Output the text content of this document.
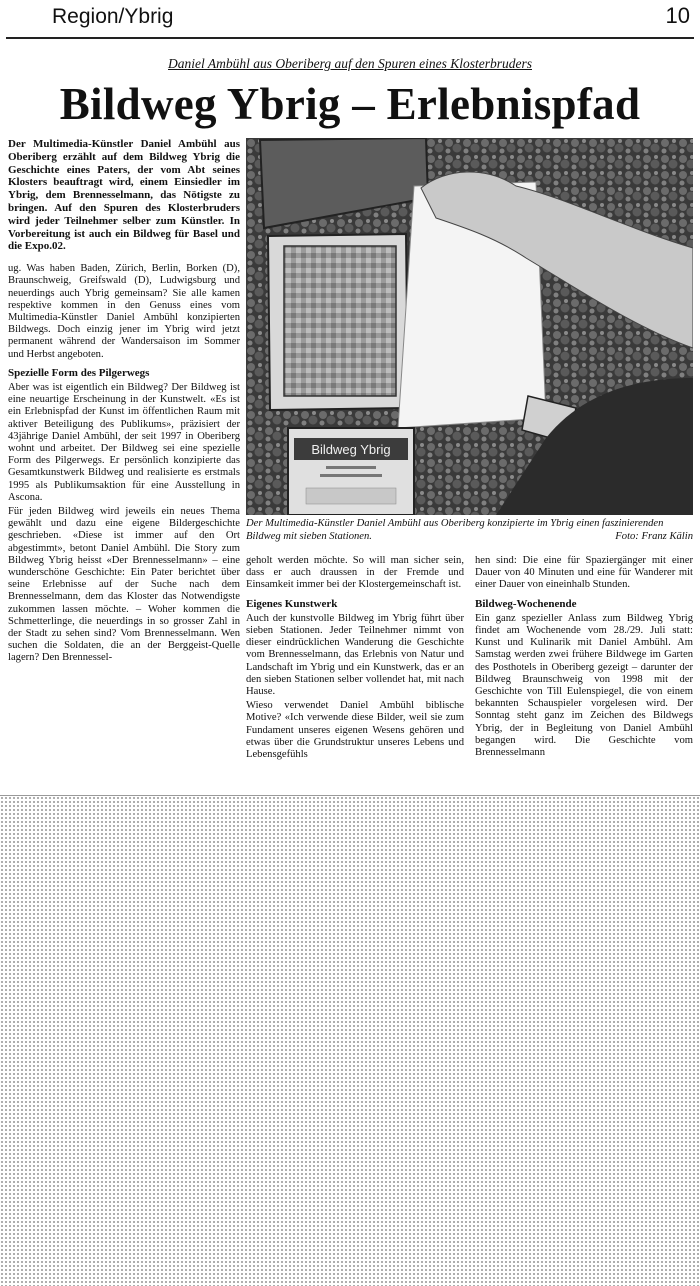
Region/Ybrig	10
Daniel Ambühl aus Oberiberg auf den Spuren eines Klosterbruders
Bildweg Ybrig – Erlebnispfad

Der Multimedia-Künstler Daniel Ambühl aus Oberiberg erzählt auf dem Bildweg Ybrig die Geschichte eines Paters, der vom Abt seines Klosters beauftragt wird, einem Einsiedler im Ybrig, dem Brennesselmann, das Nötigste zu bringen. Auf den Spuren des Klosterbruders wird jeder Teilnehmer selber zum Künstler. In Vorbereitung ist auch ein Bildweg für Basel und die Expo.02.

ug. Was haben Baden, Zürich, Berlin, Borken (D), Braunschweig, Greifswald (D), Ludwigsburg und neuerdings auch Ybrig gemeinsam? Sie alle kamen respektive kommen in den Genuss eines vom Multimedia-Künstler Daniel Ambühl konzipierten Bildwegs. Doch einzig jener im Ybrig wird jetzt permanent während der Wandersaison im Sommer und Herbst angeboten.

Spezielle Form des Pilgerwegs

Aber was ist eigentlich ein Bildweg? Der Bildweg ist eine neuartige Erscheinung in der Kunstwelt. «Es ist ein Erlebnispfad der Kunst im öffentlichen Raum mit aktiver Beteiligung des Publikums», präzisiert der 43jährige Daniel Ambühl, der seit 1997 in Oberiberg wohnt und arbeitet. Der Bildweg sei eine spezielle Form des Pilgerwegs. Er persönlich konzipierte das Gesamtkunstwerk Bildweg und realisierte es erstmals 1995 als Publikumsaktion für eine Ausstellung in Ascona.

Für jeden Bildweg wird jeweils ein neues Thema gewählt und dazu eine eigene Bildergeschichte geschrieben. «Diese ist immer auf den Ort abgestimmt», betont Daniel Ambühl. Die Story zum Bildweg Ybrig heisst «Der Brennesselmann» – eine wunderschöne Geschichte: Ein Pater berichtet über seine Erlebnisse auf der Suche nach dem Brennesselmann, dem das Kloster das Notwendigste zukommen lassen möchte. – Woher kommen die Schmetterlinge, die neuerdings in so grosser Zahl in der Stadt zu sehen sind? Vom Brennesselmann. Wen suchen die Soldaten, die an der Berggeist-Quelle lagern? Den Brennessel-

Bildweg Ybrig
Der Multimedia-Künstler Daniel Ambühl aus Oberiberg konzipierte im Ybrig einen faszinierenden Bildweg mit sieben Stationen.	Foto: Franz Kälin

geholt werden möchte. So will man sicher sein, dass er auch draussen in der Fremde und Einsamkeit immer bei der Klostergemeinschaft ist.

Eigenes Kunstwerk

Auch der kunstvolle Bildweg im Ybrig führt über sieben Stationen. Jeder Teilnehmer nimmt von dieser eindrücklichen Wanderung die Geschichte vom Brennesselmann, das Erlebnis von Natur und Landschaft im Ybrig und ein Kunstwerk, das er an den sieben Stationen selber vollendet hat, mit nach Hause.

Wieso verwendet Daniel Ambühl biblische Motive? «Ich verwende diese Bilder, weil sie zum Fundament unseres eigenen Wesens gehören und etwas über die Grundstruktur unseres Lebens und Lebensgefühls

hen sind: Die eine für Spaziergänger mit einer Dauer von 40 Minuten und eine für Wanderer mit einer Dauer von eineinhalb Stunden.

Bildweg-Wochenende

Ein ganz spezieller Anlass zum Bildweg Ybrig findet am Wochenende vom 28./29. Juli statt: Kunst und Kulinarik mit Daniel Ambühl. Am Samstag werden zwei frühere Bildwege im Garten des Posthotels in Oberiberg gezeigt – darunter der Bildweg Braunschweig von 1998 mit der Geschichte von Till Eulenspiegel, die von einem bekannten Schauspieler vorgelesen wird. Der Sonntag steht ganz im Zeichen des Bildwegs Ybrig, der in Begleitung von Daniel Ambühl begangen wird. Die Geschichte vom Brennesselmann
